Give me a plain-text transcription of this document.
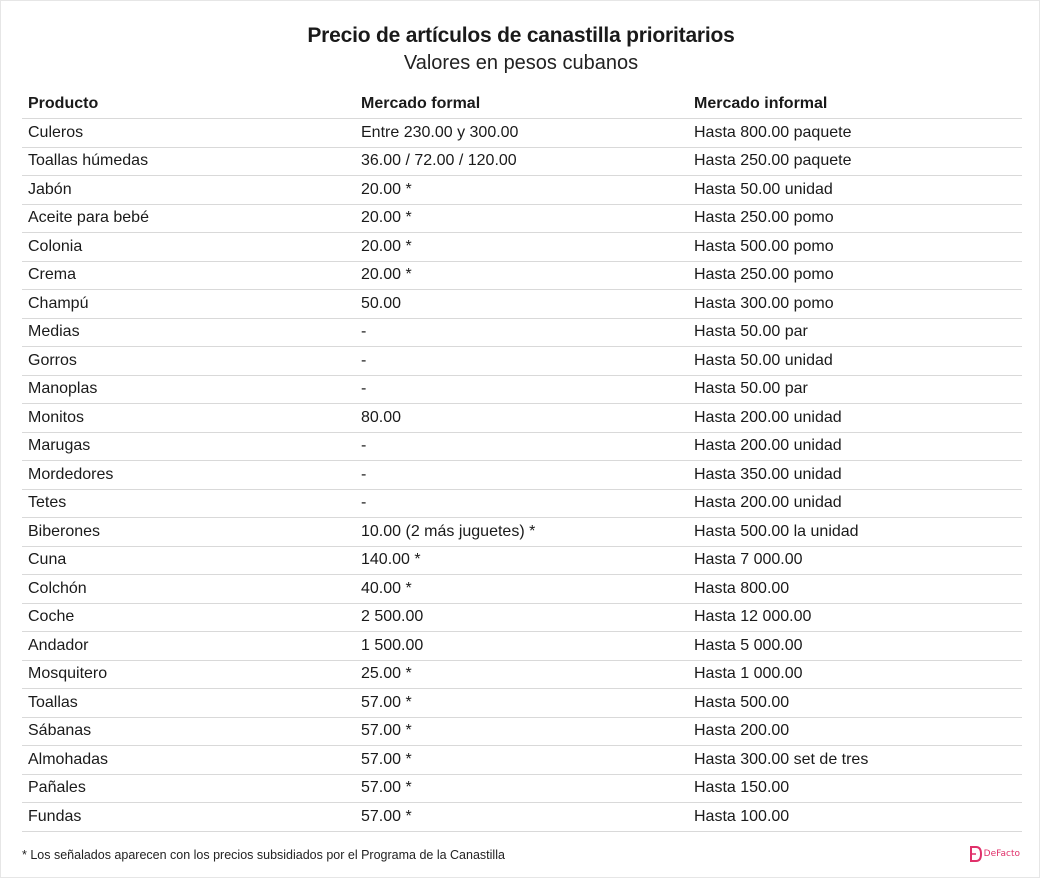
Precio de artículos de canastilla prioritarios
Valores en pesos cubanos
Producto	Mercado formal	Mercado informal
Culeros	Entre 230.00 y 300.00	Hasta 800.00 paquete
Toallas húmedas	36.00 / 72.00 / 120.00	Hasta 250.00 paquete
Jabón	20.00 *	Hasta 50.00 unidad
Aceite para bebé	20.00 *	Hasta 250.00 pomo
Colonia	20.00 *	Hasta 500.00 pomo
Crema	20.00 *	Hasta 250.00 pomo
Champú	50.00	Hasta 300.00 pomo
Medias	-	Hasta 50.00 par
Gorros	-	Hasta 50.00 unidad
Manoplas	-	Hasta 50.00 par
Monitos	80.00	Hasta 200.00 unidad
Marugas	-	Hasta 200.00 unidad
Mordedores	-	Hasta 350.00 unidad
Tetes	-	Hasta 200.00 unidad
Biberones	10.00 (2 más juguetes) *	Hasta 500.00 la unidad
Cuna	140.00 *	Hasta 7 000.00
Colchón	40.00 *	Hasta 800.00
Coche	2 500.00	Hasta 12 000.00
Andador	1 500.00	Hasta 5 000.00
Mosquitero	25.00 *	Hasta 1 000.00
Toallas	57.00 *	Hasta 500.00
Sábanas	57.00 *	Hasta 200.00
Almohadas	57.00 *	Hasta 300.00 set de tres
Pañales	57.00 *	Hasta 150.00
Fundas	57.00 *	Hasta 100.00
* Los señalados aparecen con los precios subsidiados por el Programa de la Canastilla	DeFacto
